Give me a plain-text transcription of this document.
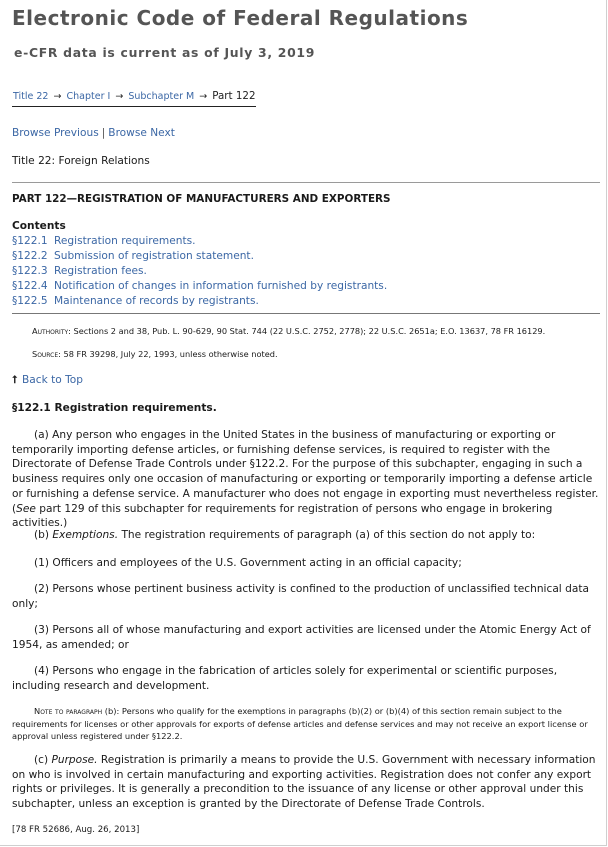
Electronic Code of Federal Regulations
e-CFR data is current as of July 3, 2019
Title 22 → Chapter I → Subchapter M → Part 122
Browse Previous | Browse Next
Title 22: Foreign Relations
PART 122—REGISTRATION OF MANUFACTURERS AND EXPORTERS
Contents
§122.1 Registration requirements.
§122.2 Submission of registration statement.
§122.3 Registration fees.
§122.4 Notification of changes in information furnished by registrants.
§122.5 Maintenance of records by registrants.
Authority: Sections 2 and 38, Pub. L. 90-629, 90 Stat. 744 (22 U.S.C. 2752, 2778); 22 U.S.C. 2651a; E.O. 13637, 78 FR 16129.
Source: 58 FR 39298, July 22, 1993, unless otherwise noted.
⭡ Back to Top
§122.1 Registration requirements.
(a) Any person who engages in the United States in the business of manufacturing or exporting or temporarily importing defense articles, or furnishing defense services, is required to register with the Directorate of Defense Trade Controls under §122.2. For the purpose of this subchapter, engaging in such a business requires only one occasion of manufacturing or exporting or temporarily importing a defense article or furnishing a defense service. A manufacturer who does not engage in exporting must nevertheless register. (See part 129 of this subchapter for requirements for registration of persons who engage in brokering activities.)
(b) Exemptions. The registration requirements of paragraph (a) of this section do not apply to:
(1) Officers and employees of the U.S. Government acting in an official capacity;
(2) Persons whose pertinent business activity is confined to the production of unclassified technical data only;
(3) Persons all of whose manufacturing and export activities are licensed under the Atomic Energy Act of 1954, as amended; or
(4) Persons who engage in the fabrication of articles solely for experimental or scientific purposes, including research and development.
Note to paragraph (b): Persons who qualify for the exemptions in paragraphs (b)(2) or (b)(4) of this section remain subject to the requirements for licenses or other approvals for exports of defense articles and defense services and may not receive an export license or approval unless registered under §122.2.
(c) Purpose. Registration is primarily a means to provide the U.S. Government with necessary information on who is involved in certain manufacturing and exporting activities. Registration does not confer any export rights or privileges. It is generally a precondition to the issuance of any license or other approval under this subchapter, unless an exception is granted by the Directorate of Defense Trade Controls.
[78 FR 52686, Aug. 26, 2013]
